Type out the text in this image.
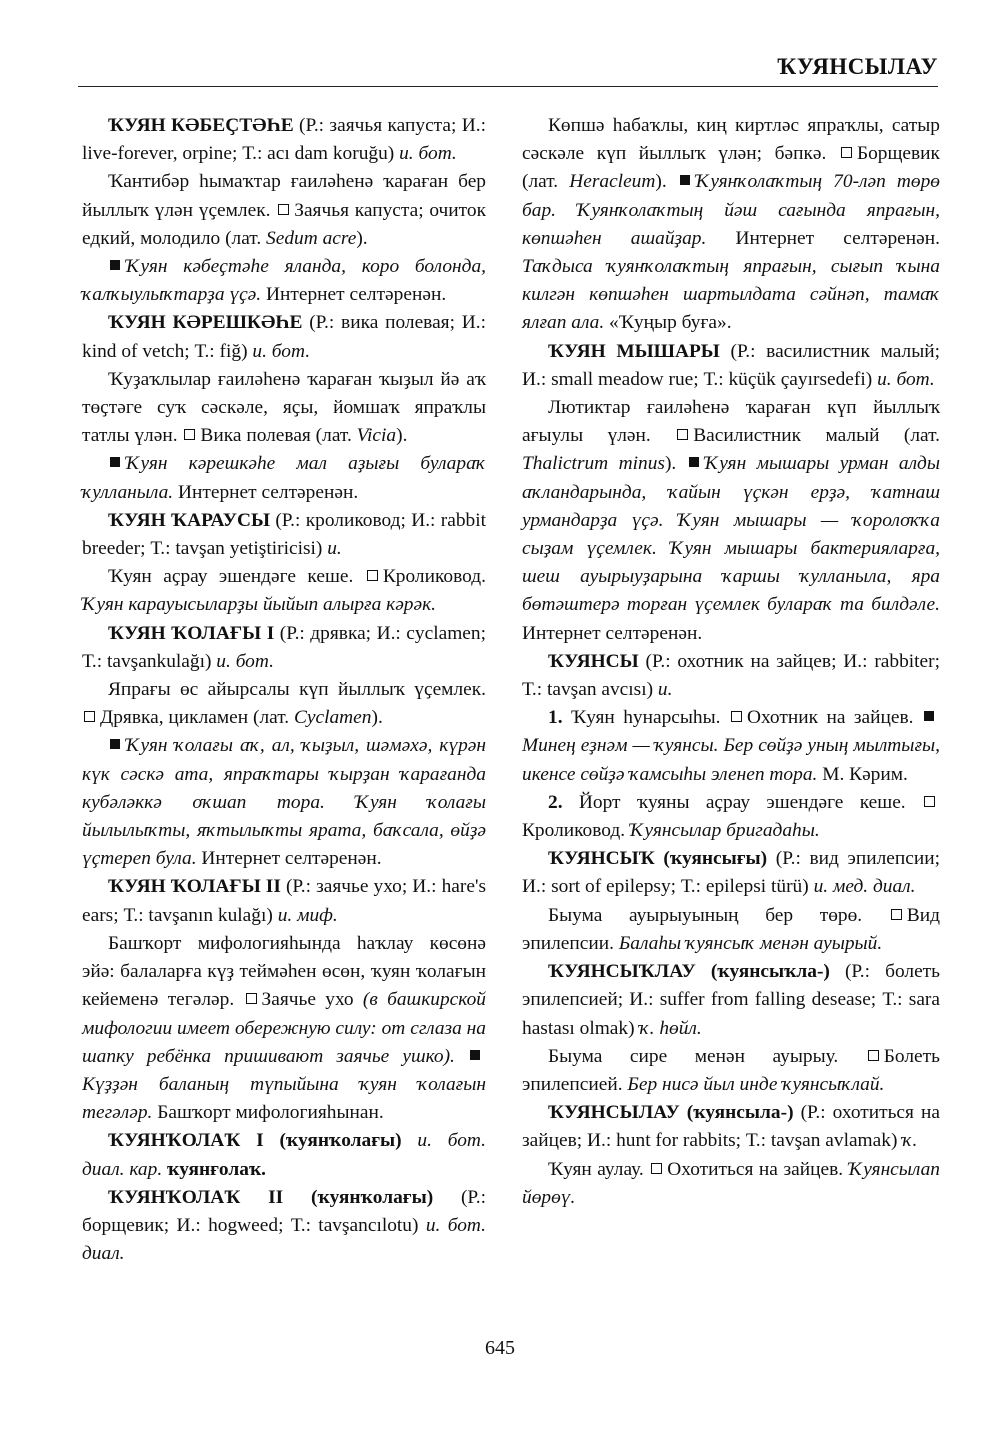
ҠУЯНСЫЛАУ

ҠУЯН КӘБЕҪТӘҺЕ (Р.: заячья капуста; И.: live-forever, orpine; Т.: acı dam koruğu) и. бот.

Ҡантибәр һымаҡтар ғаиләһенә ҡараған бер йыллыҡ үлән үҫемлек. Заячья капуста; очиток едкий, молодило (лат. Sedum acre).

Ҡуян кәбеҫтәһе яланда, коро болонда, ҡалҡыулыҡтарҙа үҫә. Интернет селтәренән.

ҠУЯН КӘРЕШКӘҺЕ (Р.: вика полевая; И.: kind of vetch; Т.: fiğ) и. бот.

Ҡуҙаҡлылар ғаиләһенә ҡараған ҡыҙыл йә аҡ төҫтәге суҡ сәскәле, яҫы, йомшаҡ япраҡлы татлы үлән. Вика полевая (лат. Vicia).

Ҡуян кәрешкәһе мал аҙығы булараҡ ҡулланыла. Интернет селтәренән.

ҠУЯН ҠАРАУСЫ (Р.: кроликовод; И.: rabbit breeder; Т.: tavşan yetiştiricisi) и.

Ҡуян аҫрау эшендәге кеше. Кроликовод. Ҡуян карауысыларҙы йыйып алырға кәрәк.

ҠУЯН ҠОЛАҒЫ I (Р.: дрявка; И.: cyclamen; Т.: tavşankulağı) и. бот.

Япрағы өс айырсалы күп йыллыҡ үҫемлек. Дрявка, цикламен (лат. Cyclamen).

Ҡуян ҡолағы аҡ, ал, ҡыҙыл, шәмәхә, күрән күк сәскә ата, япраҡтары ҡырҙан ҡарағанда кубәләккә оҡшап тора. Ҡуян ҡолағы йылылыҡты, яҡтылыҡты ярата, баҡсала, өйҙә үҫтереп була. Интернет селтәренән.

ҠУЯН ҠОЛАҒЫ II (Р.: заячье ухо; И.: hare's ears; Т.: tavşanın kulağı) и. миф.

Башҡорт мифологияһында һаҡлау көсөнә эйә: балаларға күҙ теймәһен өсөн, ҡуян ҡолағын кейеменә тегәләр. Заячье ухо (в башкирской мифологии имеет обережную силу: от сглаза на шапку ребёнка пришивают заячье ушко). Күҙҙән баланың түпыйына ҡуян ҡолағын тегәләр. Башҡорт мифологияһынан.

ҠУЯНҠОЛАҠ I (ҡуянҡолағы) и. бот. диал. кар. ҡуянғолаҡ.

ҠУЯНҠОЛАҠ II (ҡуянҡолағы) (Р.: борщевик; И.: hogweed; Т.: tavşancılotu) и. бот. диал.

Көпшә һабаҡлы, киң киртләс япраҡлы, сатыр сәскәле күп йыллыҡ үлән; бәпкә. Борщевик (лат. Heracleum). Ҡуянҡолаҡтың 70-ләп төрө бар. Ҡуянҡолаҡтың йәш сағында япрағын, көпшәһен ашайҙар. Интернет селтәренән. Таҡдыса ҡуянҡолаҡтың япрағын, сығып ҡына килгән көпшәһен шартылдата сәйнәп, тамаҡ ялғап ала. «Ҡуңыр буға».

ҠУЯН МЫШАРЫ (Р.: василистник малый; И.: small meadow rue; Т.: küçük çayırsedefi) и. бот.

Лютиктар ғаиләһенә ҡараған күп йыллыҡ ағыулы үлән. Василистник малый (лат. Thalictrum minus). Ҡуян мышары урман алды аҡландарында, ҡайын үҫкән ерҙә, ҡатнаш урмандарҙа үҫә. Ҡуян мышары — ҡоролоҡҡа сыҙам үҫемлек. Ҡуян мышары бактерияларға, шеш ауырыуҙарына ҡаршы ҡулланыла, яра бөтәштерә торған үҫемлек булараҡ та билдәле. Интернет селтәренән.

ҠУЯНСЫ (Р.: охотник на зайцев; И.: rabbiter; Т.: tavşan avcısı) и.

1. Ҡуян һунарсыһы. Охотник на зайцев. Минең еҙнәм — ҡуянсы. Бер сөйҙә уның мылтығы, икенсе сөйҙә ҡамсыһы эленеп тора. М. Кәрим.

2. Йорт ҡуяны аҫрау эшендәге кеше. Кроликовод. Ҡуянсылар бригадаһы.

ҠУЯНСЫҠ (ҡуянсығы) (Р.: вид эпилепсии; И.: sort of epilepsy; Т.: epilepsi türü) и. мед. диал.

Быума ауырыуының бер төрө. Вид эпилепсии. Балаһы ҡуянсыҡ менән ауырый.

ҠУЯНСЫҠЛАУ (ҡуянсыҡла-) (Р.: болеть эпилепсией; И.: suffer from falling desease; Т.: sara hastası olmak) ҡ. һөйл.

Быума сире менән ауырыу. Болеть эпилепсией. Бер нисә йыл инде ҡуянсыҡлай.

ҠУЯНСЫЛАУ (ҡуянсыла-) (Р.: охотиться на зайцев; И.: hunt for rabbits; Т.: tavşan avlamak) ҡ.

Ҡуян аулау. Охотиться на зайцев. Ҡуянсылап йөрөү.

645
